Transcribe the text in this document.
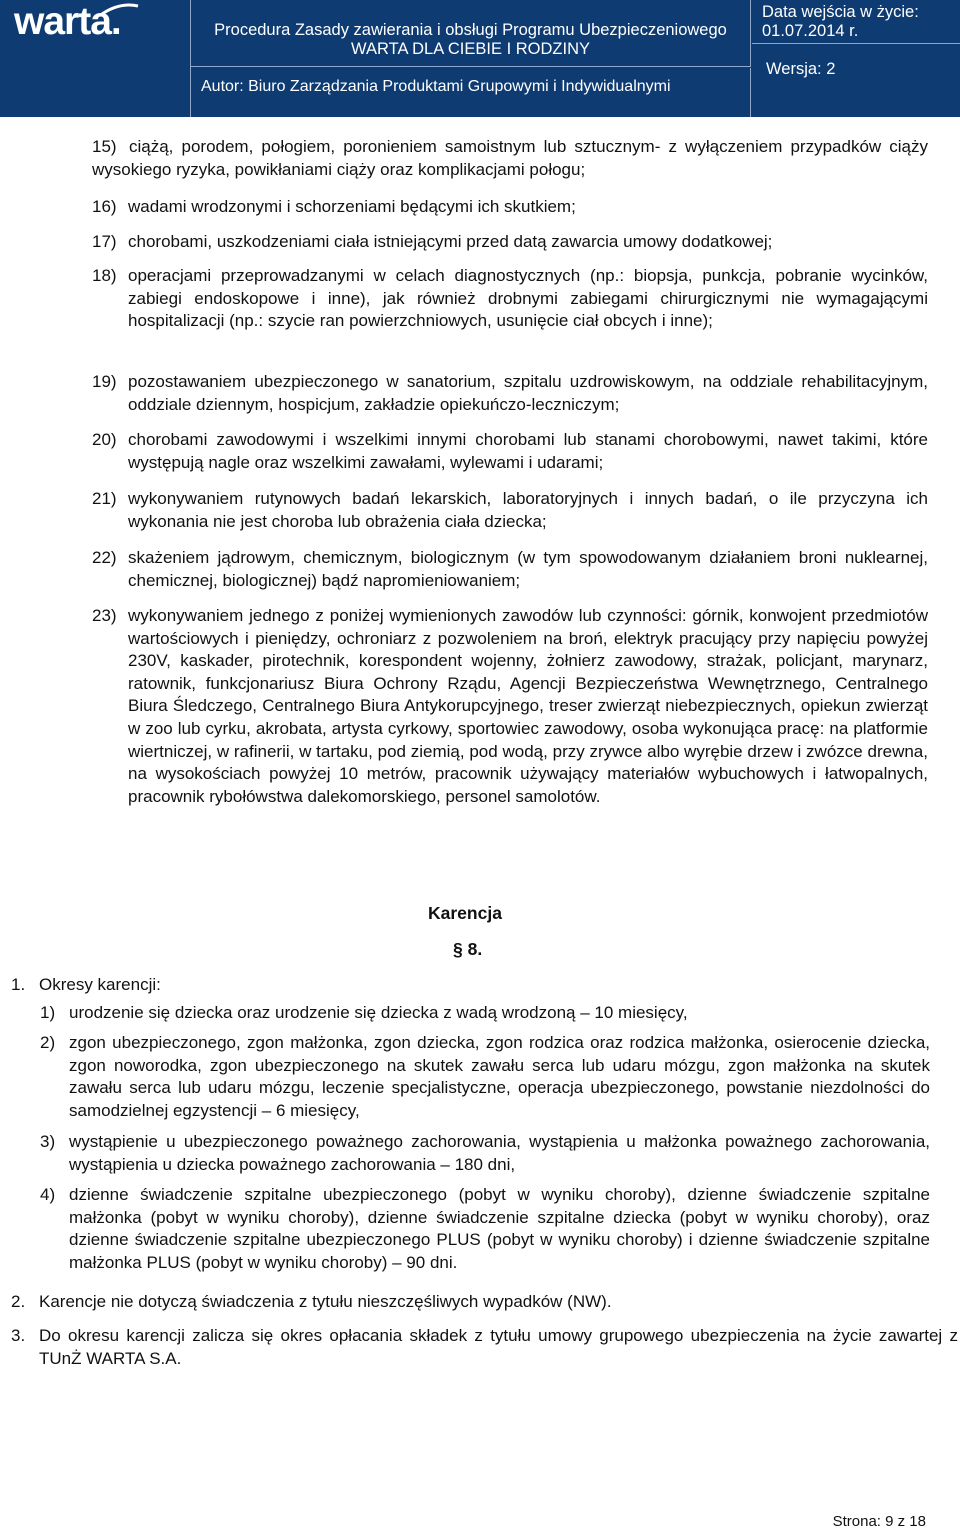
warta.	Procedura Zasady zawierania i obsługi Programu Ubezpieczeniowego
WARTA DLA CIEBIE I RODZINY
Autor: Biuro Zarządzania Produktami Grupowymi i Indywidualnymi
Data wejścia w życie:
01.07.2014 r.
Wersja: 2
15) ciążą, porodem, połogiem, poronieniem samoistnym lub sztucznym- z wyłączeniem przypadków ciąży wysokiego ryzyka, powikłaniami ciąży oraz komplikacjami połogu;
16) wadami wrodzonymi i schorzeniami będącymi ich skutkiem;
17) chorobami, uszkodzeniami ciała istniejącymi przed datą zawarcia umowy dodatkowej;
18) operacjami przeprowadzanymi w celach diagnostycznych (np.: biopsja, punkcja, pobranie wycinków, zabiegi endoskopowe i inne), jak również drobnymi zabiegami chirurgicznymi nie wymagającymi hospitalizacji (np.: szycie ran powierzchniowych, usunięcie ciał obcych i inne);
19) pozostawaniem ubezpieczonego w sanatorium, szpitalu uzdrowiskowym, na oddziale rehabilitacyjnym, oddziale dziennym, hospicjum, zakładzie opiekuńczo-leczniczym;
20) chorobami zawodowymi i wszelkimi innymi chorobami lub stanami chorobowymi, nawet takimi, które występują nagle oraz wszelkimi zawałami, wylewami i udarami;
21) wykonywaniem rutynowych badań lekarskich, laboratoryjnych i innych badań, o ile przyczyna ich wykonania nie jest choroba lub obrażenia ciała dziecka;
22) skażeniem jądrowym, chemicznym, biologicznym (w tym spowodowanym działaniem broni nuklearnej, chemicznej, biologicznej) bądź napromieniowaniem;
23) wykonywaniem jednego z poniżej wymienionych zawodów lub czynności: górnik, konwojent przedmiotów wartościowych i pieniędzy, ochroniarz z pozwoleniem na broń, elektryk pracujący przy napięciu powyżej 230V, kaskader, pirotechnik, korespondent wojenny, żołnierz zawodowy, strażak, policjant, marynarz, ratownik, funkcjonariusz Biura Ochrony Rządu, Agencji Bezpieczeństwa Wewnętrznego, Centralnego Biura Śledczego, Centralnego Biura Antykorupcyjnego, treser zwierząt niebezpiecznych, opiekun zwierząt w zoo lub cyrku, akrobata, artysta cyrkowy, sportowiec zawodowy, osoba wykonująca pracę: na platformie wiertniczej, w rafinerii, w tartaku, pod ziemią, pod wodą, przy zrywce albo wyrębie drzew i zwózce drewna, na wysokościach powyżej 10 metrów, pracownik używający materiałów wybuchowych i łatwopalnych, pracownik rybołówstwa dalekomorskiego, personel samolotów.
Karencja
§ 8.
1. Okresy karencji:
1) urodzenie się dziecka oraz urodzenie się dziecka z wadą wrodzoną – 10 miesięcy,
2) zgon ubezpieczonego, zgon małżonka, zgon dziecka, zgon rodzica oraz rodzica małżonka, osierocenie dziecka, zgon noworodka, zgon ubezpieczonego na skutek zawału serca lub udaru mózgu, zgon małżonka na skutek zawału serca lub udaru mózgu, leczenie specjalistyczne, operacja ubezpieczonego, powstanie niezdolności do samodzielnej egzystencji – 6 miesięcy,
3) wystąpienie u ubezpieczonego poważnego zachorowania, wystąpienia u małżonka poważnego zachorowania, wystąpienia u dziecka poważnego zachorowania – 180 dni,
4) dzienne świadczenie szpitalne ubezpieczonego (pobyt w wyniku choroby), dzienne świadczenie szpitalne małżonka (pobyt w wyniku choroby), dzienne świadczenie szpitalne dziecka (pobyt w wyniku choroby), oraz dzienne świadczenie szpitalne ubezpieczonego PLUS (pobyt w wyniku choroby) i dzienne świadczenie szpitalne małżonka PLUS (pobyt w wyniku choroby) – 90 dni.
2. Karencje nie dotyczą świadczenia z tytułu nieszczęśliwych wypadków (NW).
3. Do okresu karencji zalicza się okres opłacania składek z tytułu umowy grupowego ubezpieczenia na życie zawartej z TUnŻ WARTA S.A.
Strona: 9 z 18
